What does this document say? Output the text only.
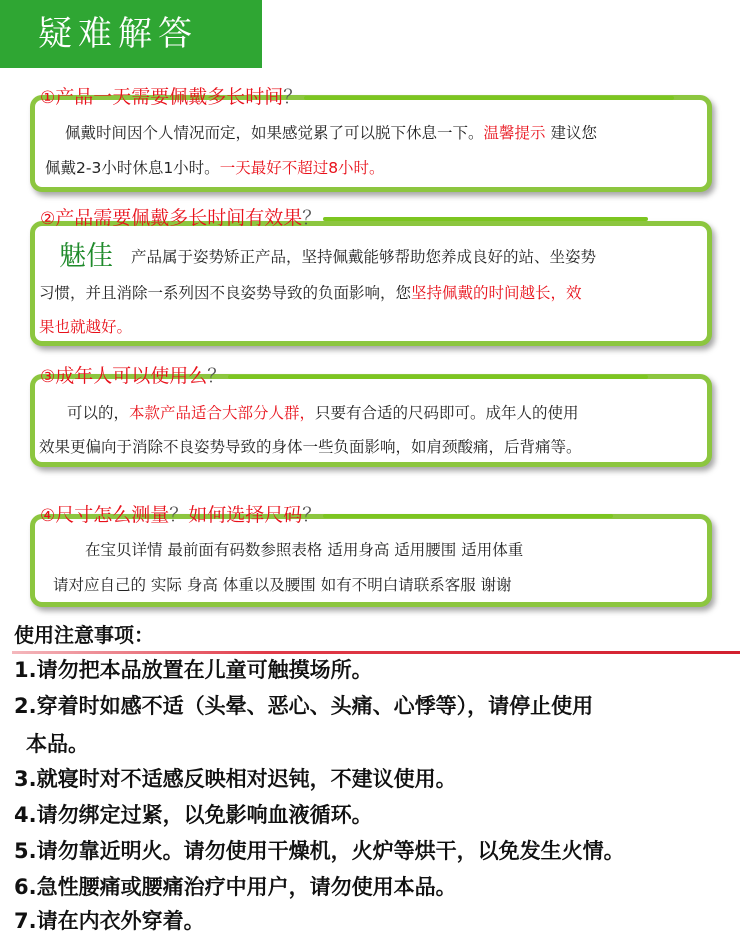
疑难解答
佩戴时间因个人情况而定，如果感觉累了可以脱下休息一下。温馨提示 建议您
佩戴2-3小时休息1小时。一天最好不超过8小时。
①产品一天需要佩戴多长时间？
魅佳 产品属于姿势矫正产品，坚持佩戴能够帮助您养成良好的站、坐姿势
习惯，并且消除一系列因不良姿势导致的负面影响，您坚持佩戴的时间越长，效
果也就越好。
②产品需要佩戴多长时间有效果？
可以的，本款产品适合大部分人群，只要有合适的尺码即可。成年人的使用
效果更偏向于消除不良姿势导致的身体一些负面影响，如肩颈酸痛，后背痛等。
③成年人可以使用么？
在宝贝详情 最前面有码数参照表格 适用身高 适用腰围 适用体重
请对应自己的 实际 身高 体重以及腰围 如有不明白请联系客服 谢谢
④尺寸怎么测量？如何选择尺码？
使用注意事项：
1.请勿把本品放置在儿童可触摸场所。
2.穿着时如感不适（头晕、恶心、头痛、心悸等），请停止使用
本品。
3.就寝时对不适感反映相对迟钝，不建议使用。
4.请勿绑定过紧，以免影响血液循环。
5.请勿靠近明火。请勿使用干燥机，火炉等烘干，以免发生火情。
6.急性腰痛或腰痛治疗中用户，请勿使用本品。
7.请在内衣外穿着。
